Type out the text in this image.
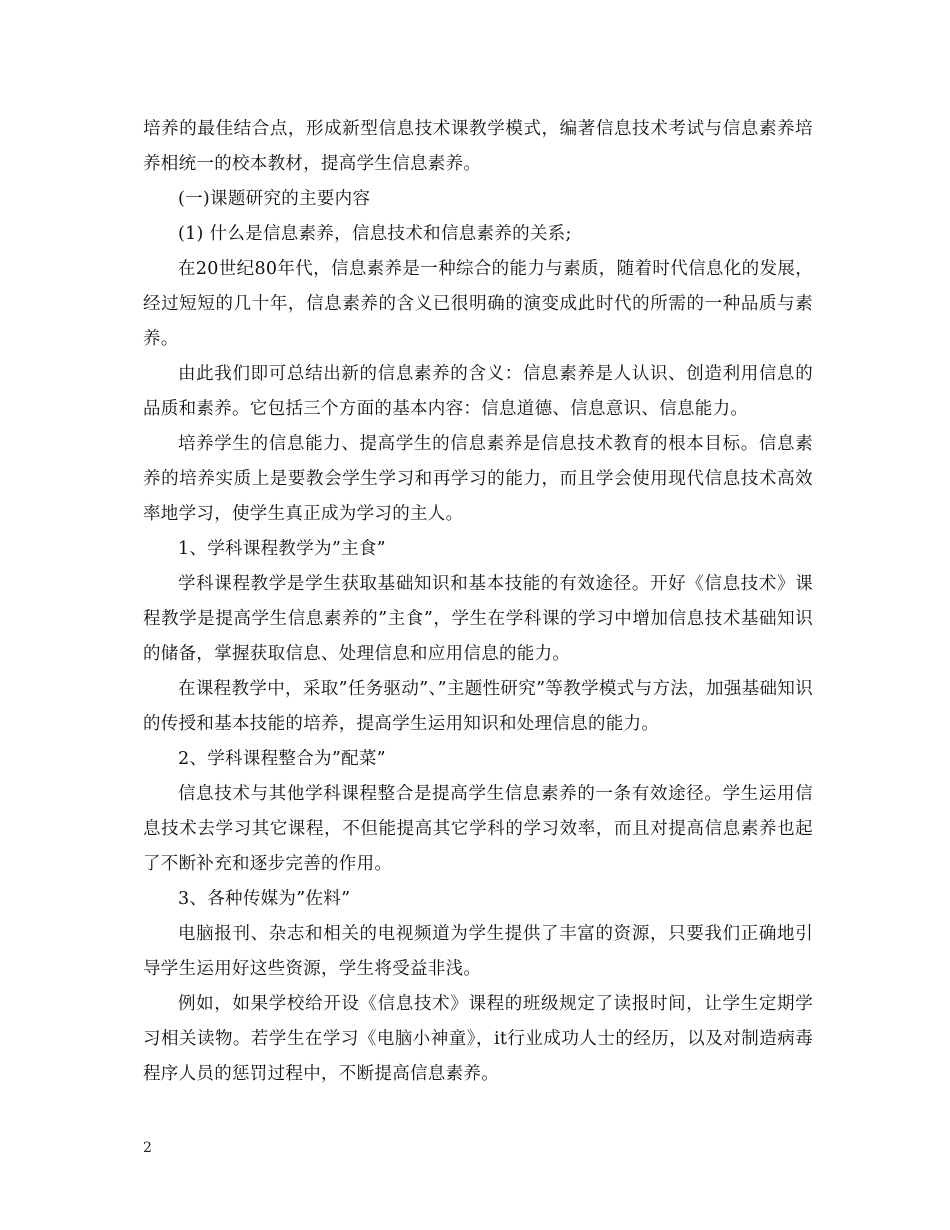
培养的最佳结合点，形成新型信息技术课教学模式，编著信息技术考试与信息素养培养相统一的校本教材，提高学生信息素养。

(一)课题研究的主要内容

(1) 什么是信息素养，信息技术和信息素养的关系;

在20世纪80年代，信息素养是一种综合的能力与素质，随着时代信息化的发展，经过短短的几十年，信息素养的含义已很明确的演变成此时代的所需的一种品质与素养。

由此我们即可总结出新的信息素养的含义：信息素养是人认识、创造利用信息的品质和素养。它包括三个方面的基本内容：信息道德、信息意识、信息能力。

培养学生的信息能力、提高学生的信息素养是信息技术教育的根本目标。信息素养的培养实质上是要教会学生学习和再学习的能力，而且学会使用现代信息技术高效率地学习，使学生真正成为学习的主人。

1、学科课程教学为”主食”

学科课程教学是学生获取基础知识和基本技能的有效途径。开好《信息技术》课程教学是提高学生信息素养的”主食”，学生在学科课的学习中增加信息技术基础知识的储备，掌握获取信息、处理信息和应用信息的能力。

在课程教学中，采取”任务驱动”、”主题性研究”等教学模式与方法，加强基础知识的传授和基本技能的培养，提高学生运用知识和处理信息的能力。

2、学科课程整合为”配菜”

信息技术与其他学科课程整合是提高学生信息素养的一条有效途径。学生运用信息技术去学习其它课程，不但能提高其它学科的学习效率，而且对提高信息素养也起了不断补充和逐步完善的作用。

3、各种传媒为”佐料”

电脑报刊、杂志和相关的电视频道为学生提供了丰富的资源，只要我们正确地引导学生运用好这些资源，学生将受益非浅。

例如，如果学校给开设《信息技术》课程的班级规定了读报时间，让学生定期学习相关读物。若学生在学习《电脑小神童》，it行业成功人士的经历，以及对制造病毒程序人员的惩罚过程中，不断提高信息素养。

2
